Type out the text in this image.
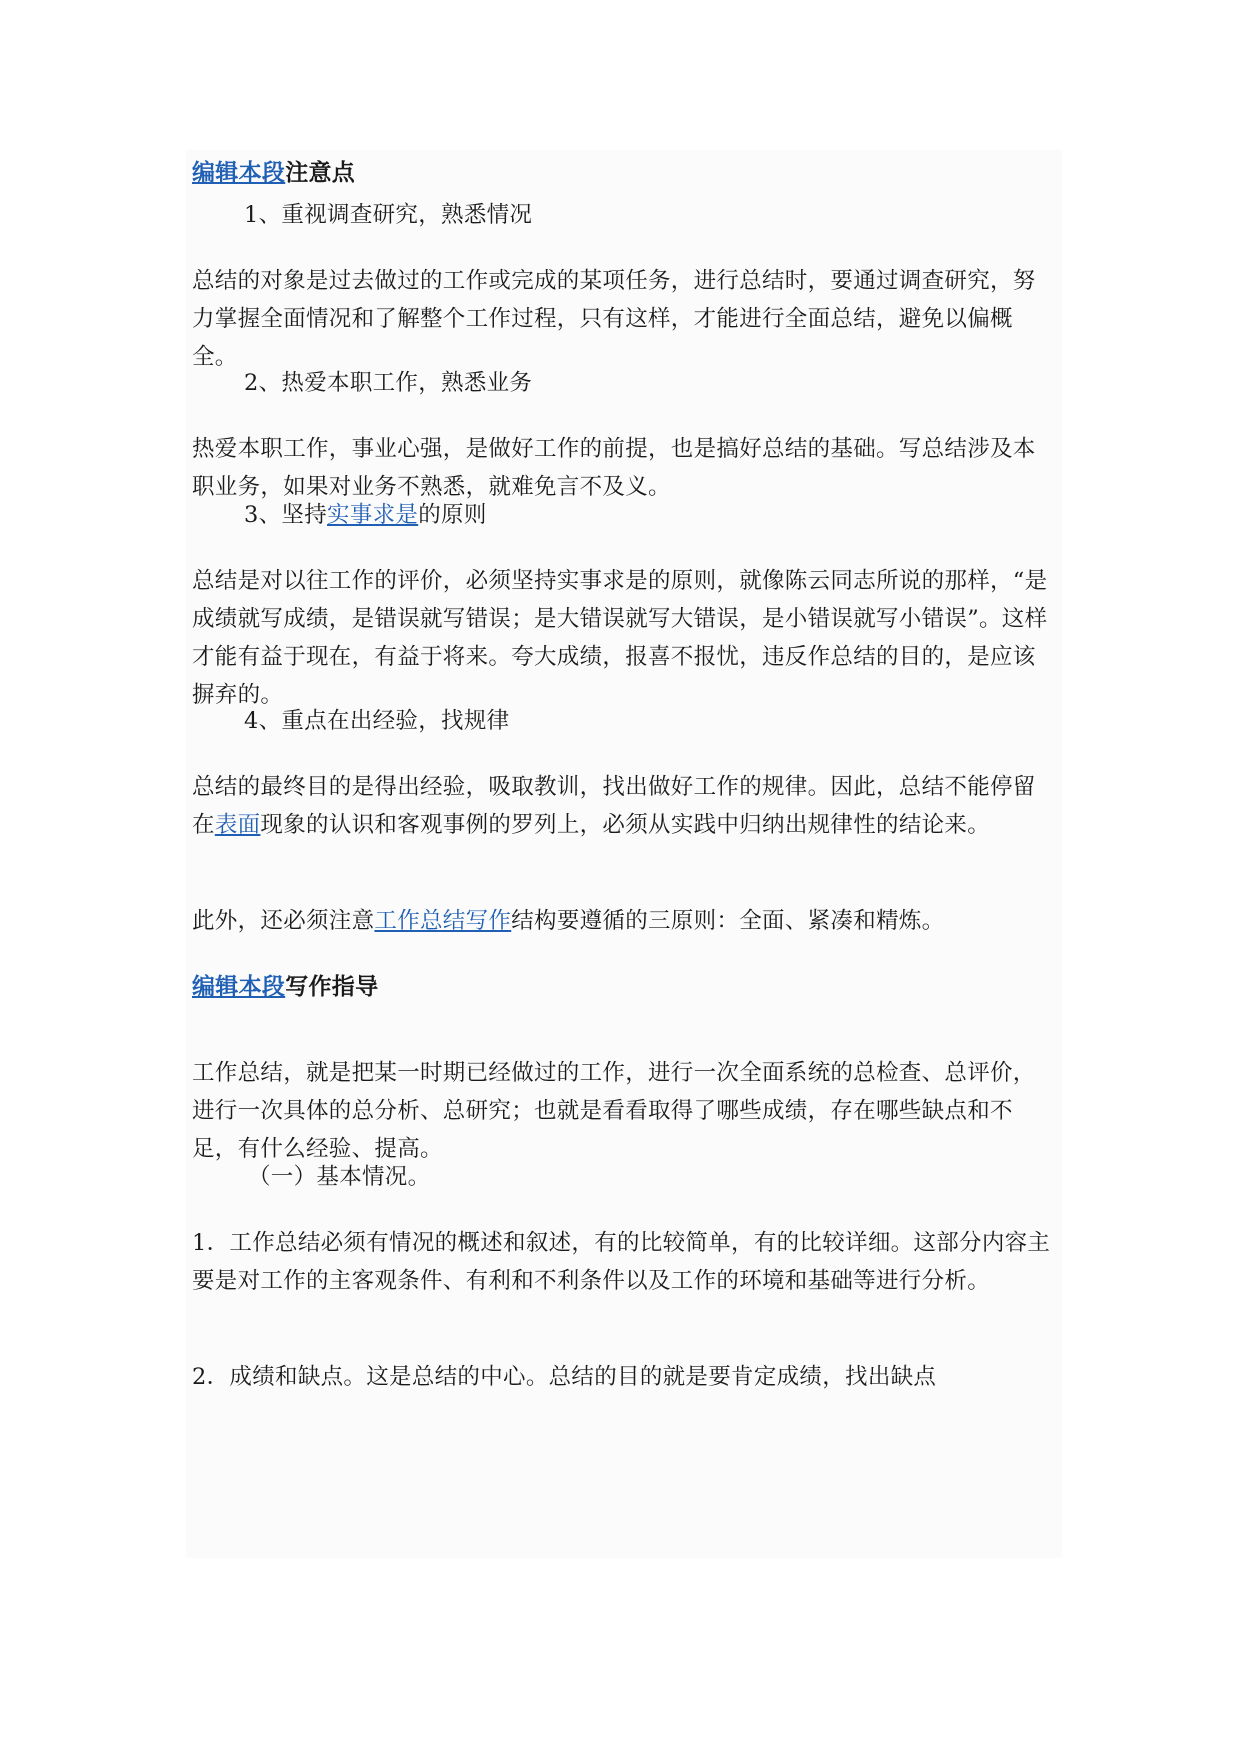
编辑本段注意点
1、重视调查研究，熟悉情况

总结的对象是过去做过的工作或完成的某项任务，进行总结时，要通过调查研究，努力掌握全面情况和了解整个工作过程，只有这样，才能进行全面总结，避免以偏概全。

2、热爱本职工作，熟悉业务

热爱本职工作，事业心强，是做好工作的前提，也是搞好总结的基础。写总结涉及本职业务，如果对业务不熟悉，就难免言不及义。

3、坚持实事求是的原则

总结是对以往工作的评价，必须坚持实事求是的原则，就像陈云同志所说的那样，“是成绩就写成绩，是错误就写错误；是大错误就写大错误，是小错误就写小错误”。这样才能有益于现在，有益于将来。夸大成绩，报喜不报忧，违反作总结的目的，是应该摒弃的。

4、重点在出经验，找规律

总结的最终目的是得出经验，吸取教训，找出做好工作的规律。因此，总结不能停留在表面现象的认识和客观事例的罗列上，必须从实践中归纳出规律性的结论来。

此外，还必须注意工作总结写作结构要遵循的三原则：全面、紧凑和精炼。

编辑本段写作指导

工作总结，就是把某一时期已经做过的工作，进行一次全面系统的总检查、总评价，进行一次具体的总分析、总研究；也就是看看取得了哪些成绩，存在哪些缺点和不足，有什么经验、提高。

（一）基本情况。

1．工作总结必须有情况的概述和叙述，有的比较简单，有的比较详细。这部分内容主要是对工作的主客观条件、有利和不利条件以及工作的环境和基础等进行分析。

2．成绩和缺点。这是总结的中心。总结的目的就是要肯定成绩，找出缺点
